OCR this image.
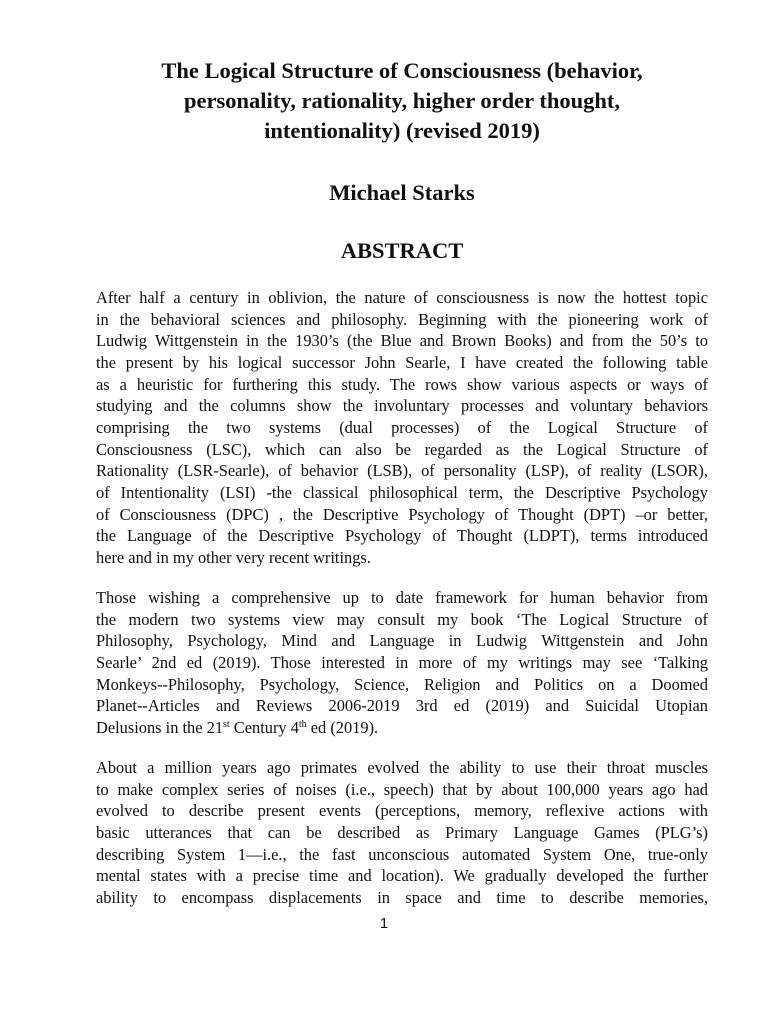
The Logical Structure of Consciousness (behavior,
personality, rationality, higher order thought,
intentionality) (revised 2019)
Michael Starks
ABSTRACT
After half a century in oblivion, the nature of consciousness is now the hottest topic
in the behavioral sciences and philosophy. Beginning with the pioneering work of
Ludwig Wittgenstein in the 1930’s (the Blue and Brown Books) and from the 50’s to
the present by his logical successor John Searle, I have created the following table
as a heuristic for furthering this study. The rows show various aspects or ways of
studying and the columns show the involuntary processes and voluntary behaviors
comprising the two systems (dual processes) of the Logical Structure of
Consciousness (LSC), which can also be regarded as the Logical Structure of
Rationality (LSR-Searle), of behavior (LSB), of personality (LSP), of reality (LSOR),
of Intentionality (LSI) -the classical philosophical term, the Descriptive Psychology
of Consciousness (DPC) , the Descriptive Psychology of Thought (DPT) –or better,
the Language of the Descriptive Psychology of Thought (LDPT), terms introduced
here and in my other very recent writings.
Those wishing a comprehensive up to date framework for human behavior from
the modern two systems view may consult my book ‘The Logical Structure of
Philosophy, Psychology, Mind and Language in Ludwig Wittgenstein and John
Searle’ 2nd ed (2019). Those interested in more of my writings may see ‘Talking
Monkeys--Philosophy, Psychology, Science, Religion and Politics on a Doomed
Planet--Articles and Reviews 2006-2019 3rd ed (2019) and Suicidal Utopian
Delusions in the 21st Century 4th ed (2019).
About a million years ago primates evolved the ability to use their throat muscles
to make complex series of noises (i.e., speech) that by about 100,000 years ago had
evolved to describe present events (perceptions, memory, reflexive actions with
basic utterances that can be described as Primary Language Games (PLG’s)
describing System 1—i.e., the fast unconscious automated System One, true-only
mental states with a precise time and location). We gradually developed the further
ability to encompass displacements in space and time to describe memories,
1
